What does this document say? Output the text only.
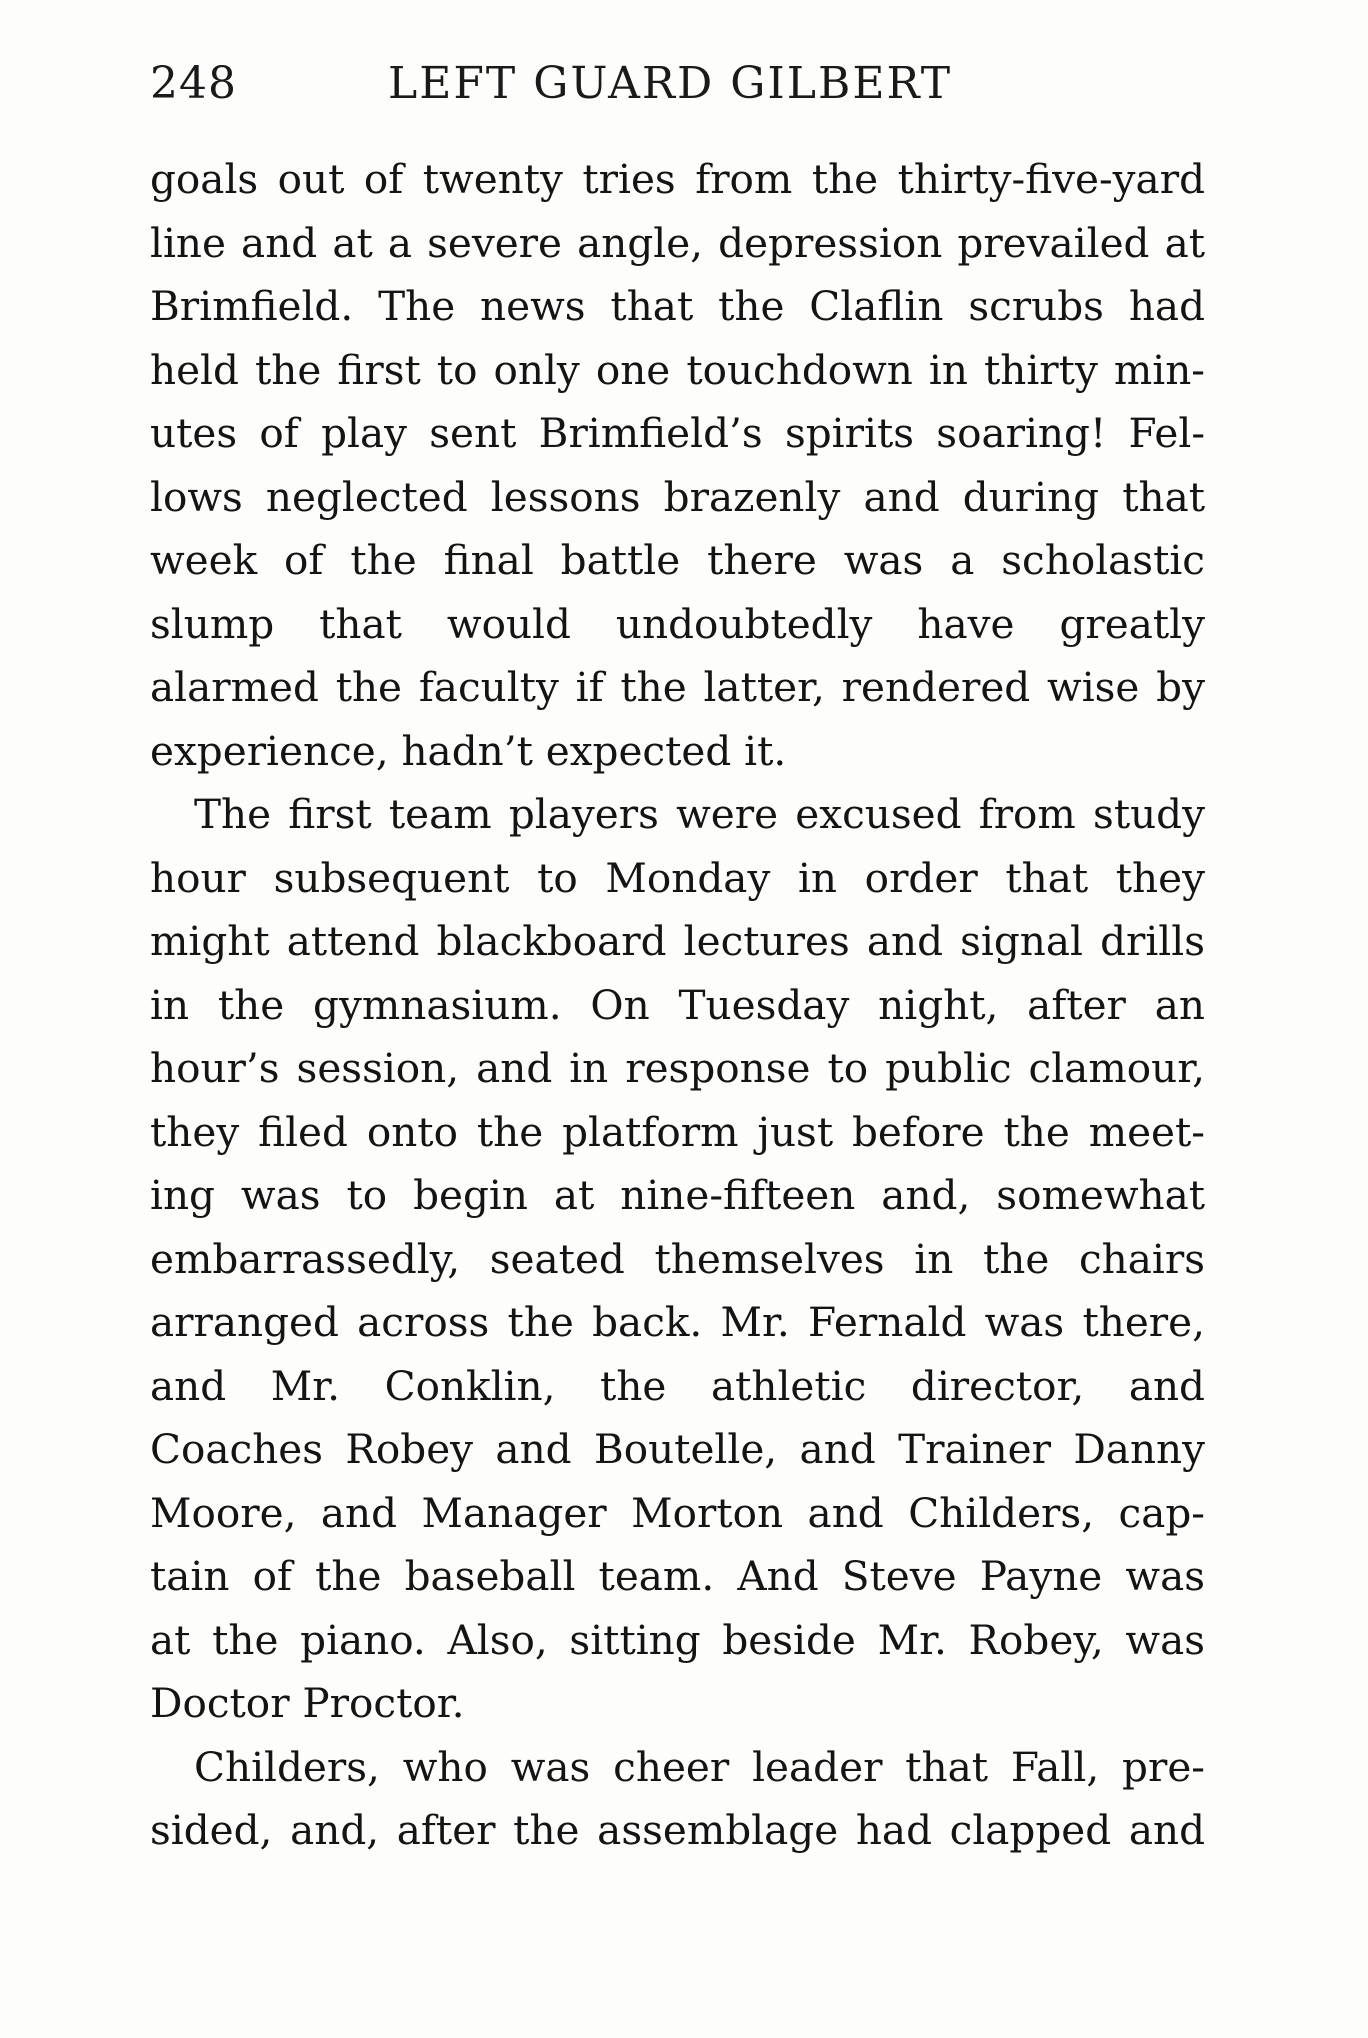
248	LEFT GUARD GILBERT

goals out of twenty tries from the thirty-five-yard
line and at a severe angle, depression prevailed at
Brimfield. The news that the Claflin scrubs had
held the first to only one touchdown in thirty min-
utes of play sent Brimfield’s spirits soaring! Fel-
lows neglected lessons brazenly and during that
week of the final battle there was a scholastic
slump that would undoubtedly have greatly
alarmed the faculty if the latter, rendered wise by
experience, hadn’t expected it.

The first team players were excused from study
hour subsequent to Monday in order that they
might attend blackboard lectures and signal drills
in the gymnasium. On Tuesday night, after an
hour’s session, and in response to public clamour,
they filed onto the platform just before the meet-
ing was to begin at nine-fifteen and, somewhat
embarrassedly, seated themselves in the chairs
arranged across the back. Mr. Fernald was there,
and Mr. Conklin, the athletic director, and
Coaches Robey and Boutelle, and Trainer Danny
Moore, and Manager Morton and Childers, cap-
tain of the baseball team. And Steve Payne was
at the piano. Also, sitting beside Mr. Robey, was
Doctor Proctor.

Childers, who was cheer leader that Fall, pre-
sided, and, after the assemblage had clapped and
